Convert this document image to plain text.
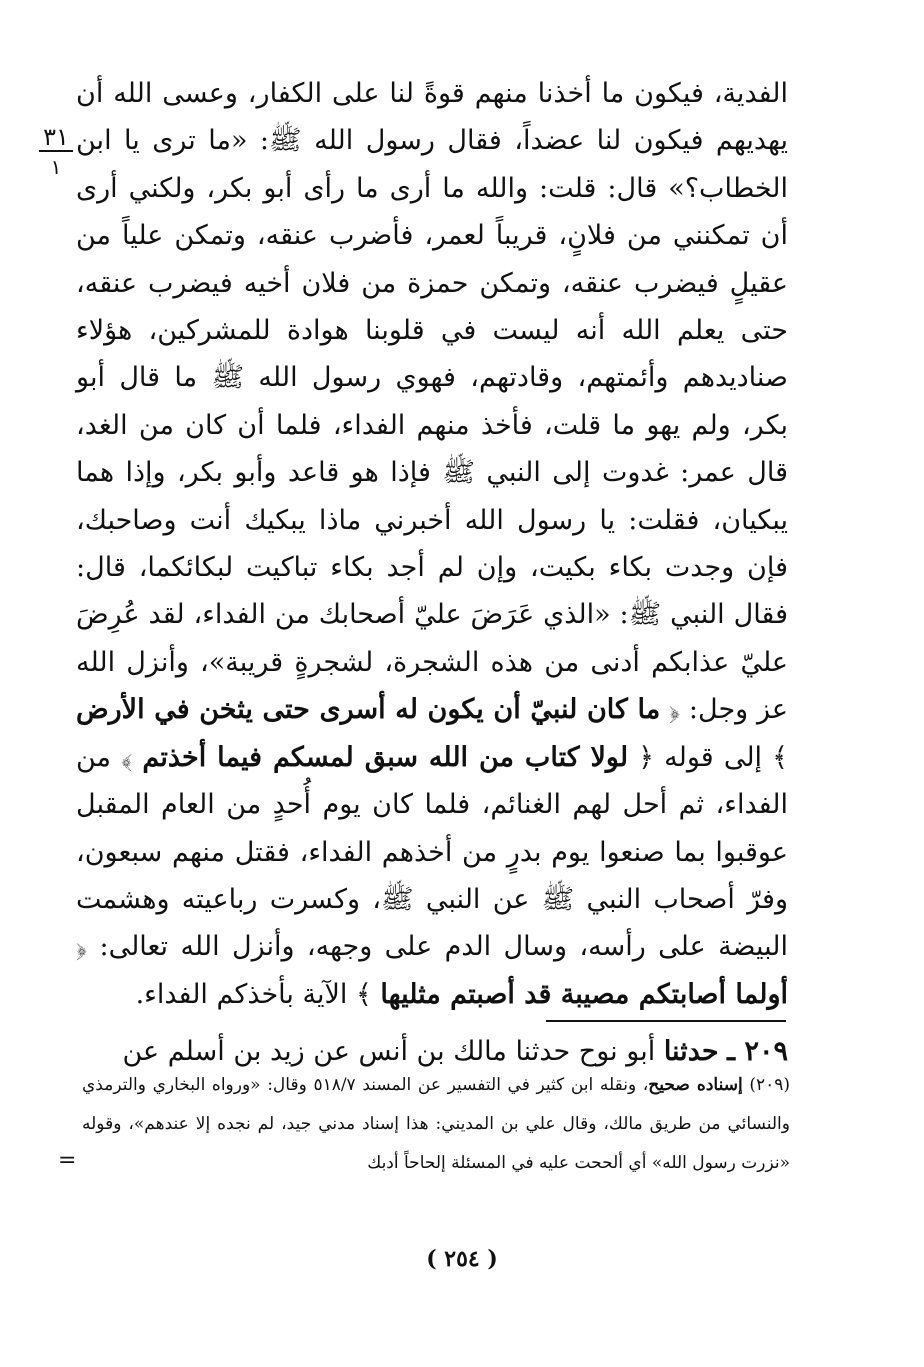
٣١
١

الفدية، فيكون ما أخذنا منهم قوةً لنا على الكفار، وعسى الله أن يهديهم فيكون لنا عضداً، فقال رسول الله ﷺ: «ما ترى يا ابن الخطاب؟» قال: قلت: والله ما أرى ما رأى أبو بكر، ولكني أرى أن تمكنني من فلانٍ، قريباً لعمر، فأضرب عنقه، وتمكن علياً من عقيلٍ فيضرب عنقه، وتمكن حمزة من فلان أخيه فيضرب عنقه، حتى يعلم الله أنه ليست في قلوبنا هوادة للمشركين، هؤلاء صناديدهم وأئمتهم، وقادتهم، فهوي رسول الله ﷺ ما قال أبو بكر، ولم يهو ما قلت، فأخذ منهم الفداء، فلما أن كان من الغد، قال عمر: غدوت إلى النبي ﷺ فإذا هو قاعد وأبو بكر، وإذا هما يبكيان، فقلت: يا رسول الله أخبرني ماذا يبكيك أنت وصاحبك، فإن وجدت بكاء بكيت، وإن لم أجد بكاء تباكيت لبكائكما، قال: فقال النبي ﷺ: «الذي عَرَضَ عليّ أصحابك من الفداء، لقد عُرِضَ عليّ عذابكم أدنى من هذه الشجرة، لشجرةٍ قريبة»، وأنزل الله عز وجل: ﴿ ما كان لنبيّ أن يكون له أسرى حتى يثخن في الأرض ﴾ إلى قوله ﴿ لولا كتاب من الله سبق لمسكم فيما أخذتم ﴾ من الفداء، ثم أحل لهم الغنائم، فلما كان يوم أُحدٍ من العام المقبل عوقبوا بما صنعوا يوم بدرٍ من أخذهم الفداء، فقتل منهم سبعون، وفرّ أصحاب النبي ﷺ عن النبي ﷺ، وكسرت رباعيته وهشمت البيضة على رأسه، وسال الدم على وجهه، وأنزل الله تعالى: ﴿ أولما أصابتكم مصيبة قد أصبتم مثليها ﴾ الآية بأخذكم الفداء.

٢٠٩ ـ حدثنا أبو نوح حدثنا مالك بن أنس عن زيد بن أسلم عن

(٢٠٩) إسناده صحيح، ونقله ابن كثير في التفسير عن المسند ٥١٨/٧ وقال: «ورواه البخاري والترمذي والنسائي من طريق مالك، وقال علي بن المديني: هذا إسناد مدني جيد، لم نجده إلا عندهم»، وقوله «نزرت رسول الله» أي ألححت عليه في المسئلة إلحاحاً أدبك

=
( ٢٥٤ )
